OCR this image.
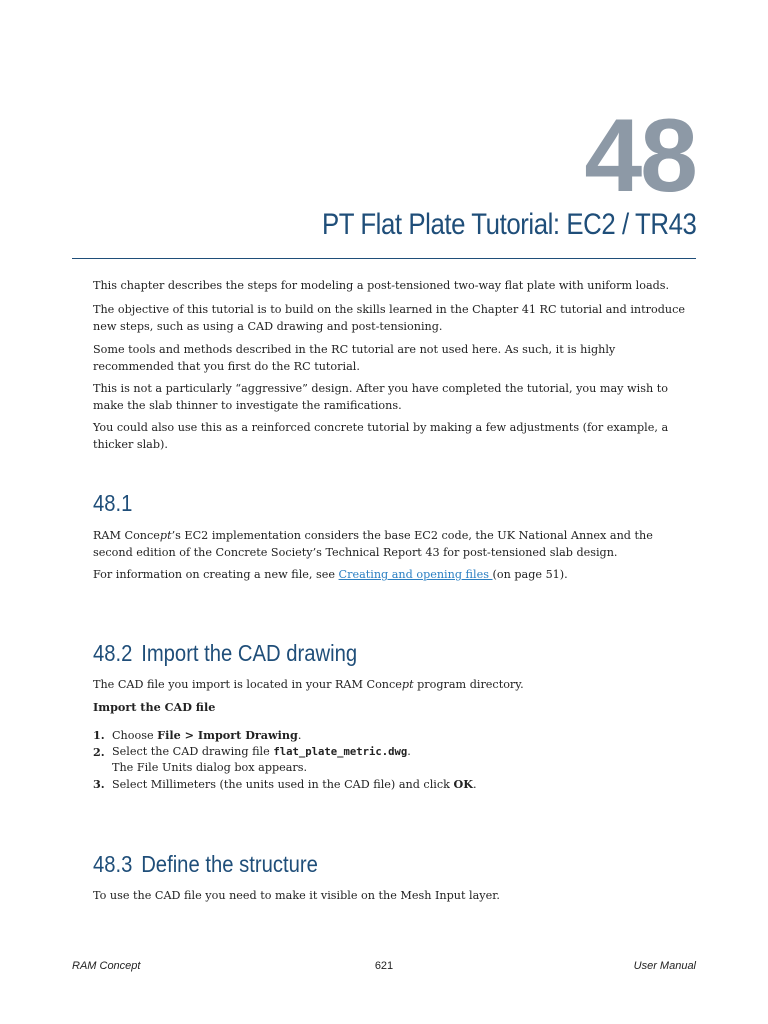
48
PT Flat Plate Tutorial: EC2 / TR43

This chapter describes the steps for modeling a post-tensioned two-way flat plate with uniform loads.

The objective of this tutorial is to build on the skills learned in the Chapter 41 RC tutorial and introduce new steps, such as using a CAD drawing and post-tensioning.

Some tools and methods described in the RC tutorial are not used here. As such, it is highly recommended that you first do the RC tutorial.

This is not a particularly “aggressive” design. After you have completed the tutorial, you may wish to make the slab thinner to investigate the ramifications.

You could also use this as a reinforced concrete tutorial by making a few adjustments (for example, a thicker slab).

48.1

RAM Concept’s EC2 implementation considers the base EC2 code, the UK National Annex and the second edition of the Concrete Society’s Technical Report 43 for post-tensioned slab design.

For information on creating a new file, see Creating and opening files (on page 51).

48.2 Import the CAD drawing

The CAD file you import is located in your RAM Concept program directory.

Import the CAD file

1. Choose File > Import Drawing.
2. Select the CAD drawing file flat_plate_metric.dwg.
The File Units dialog box appears.
3. Select Millimeters (the units used in the CAD file) and click OK.
48.3 Define the structure

To use the CAD file you need to make it visible on the Mesh Input layer.

RAM Concept	621	User Manual
